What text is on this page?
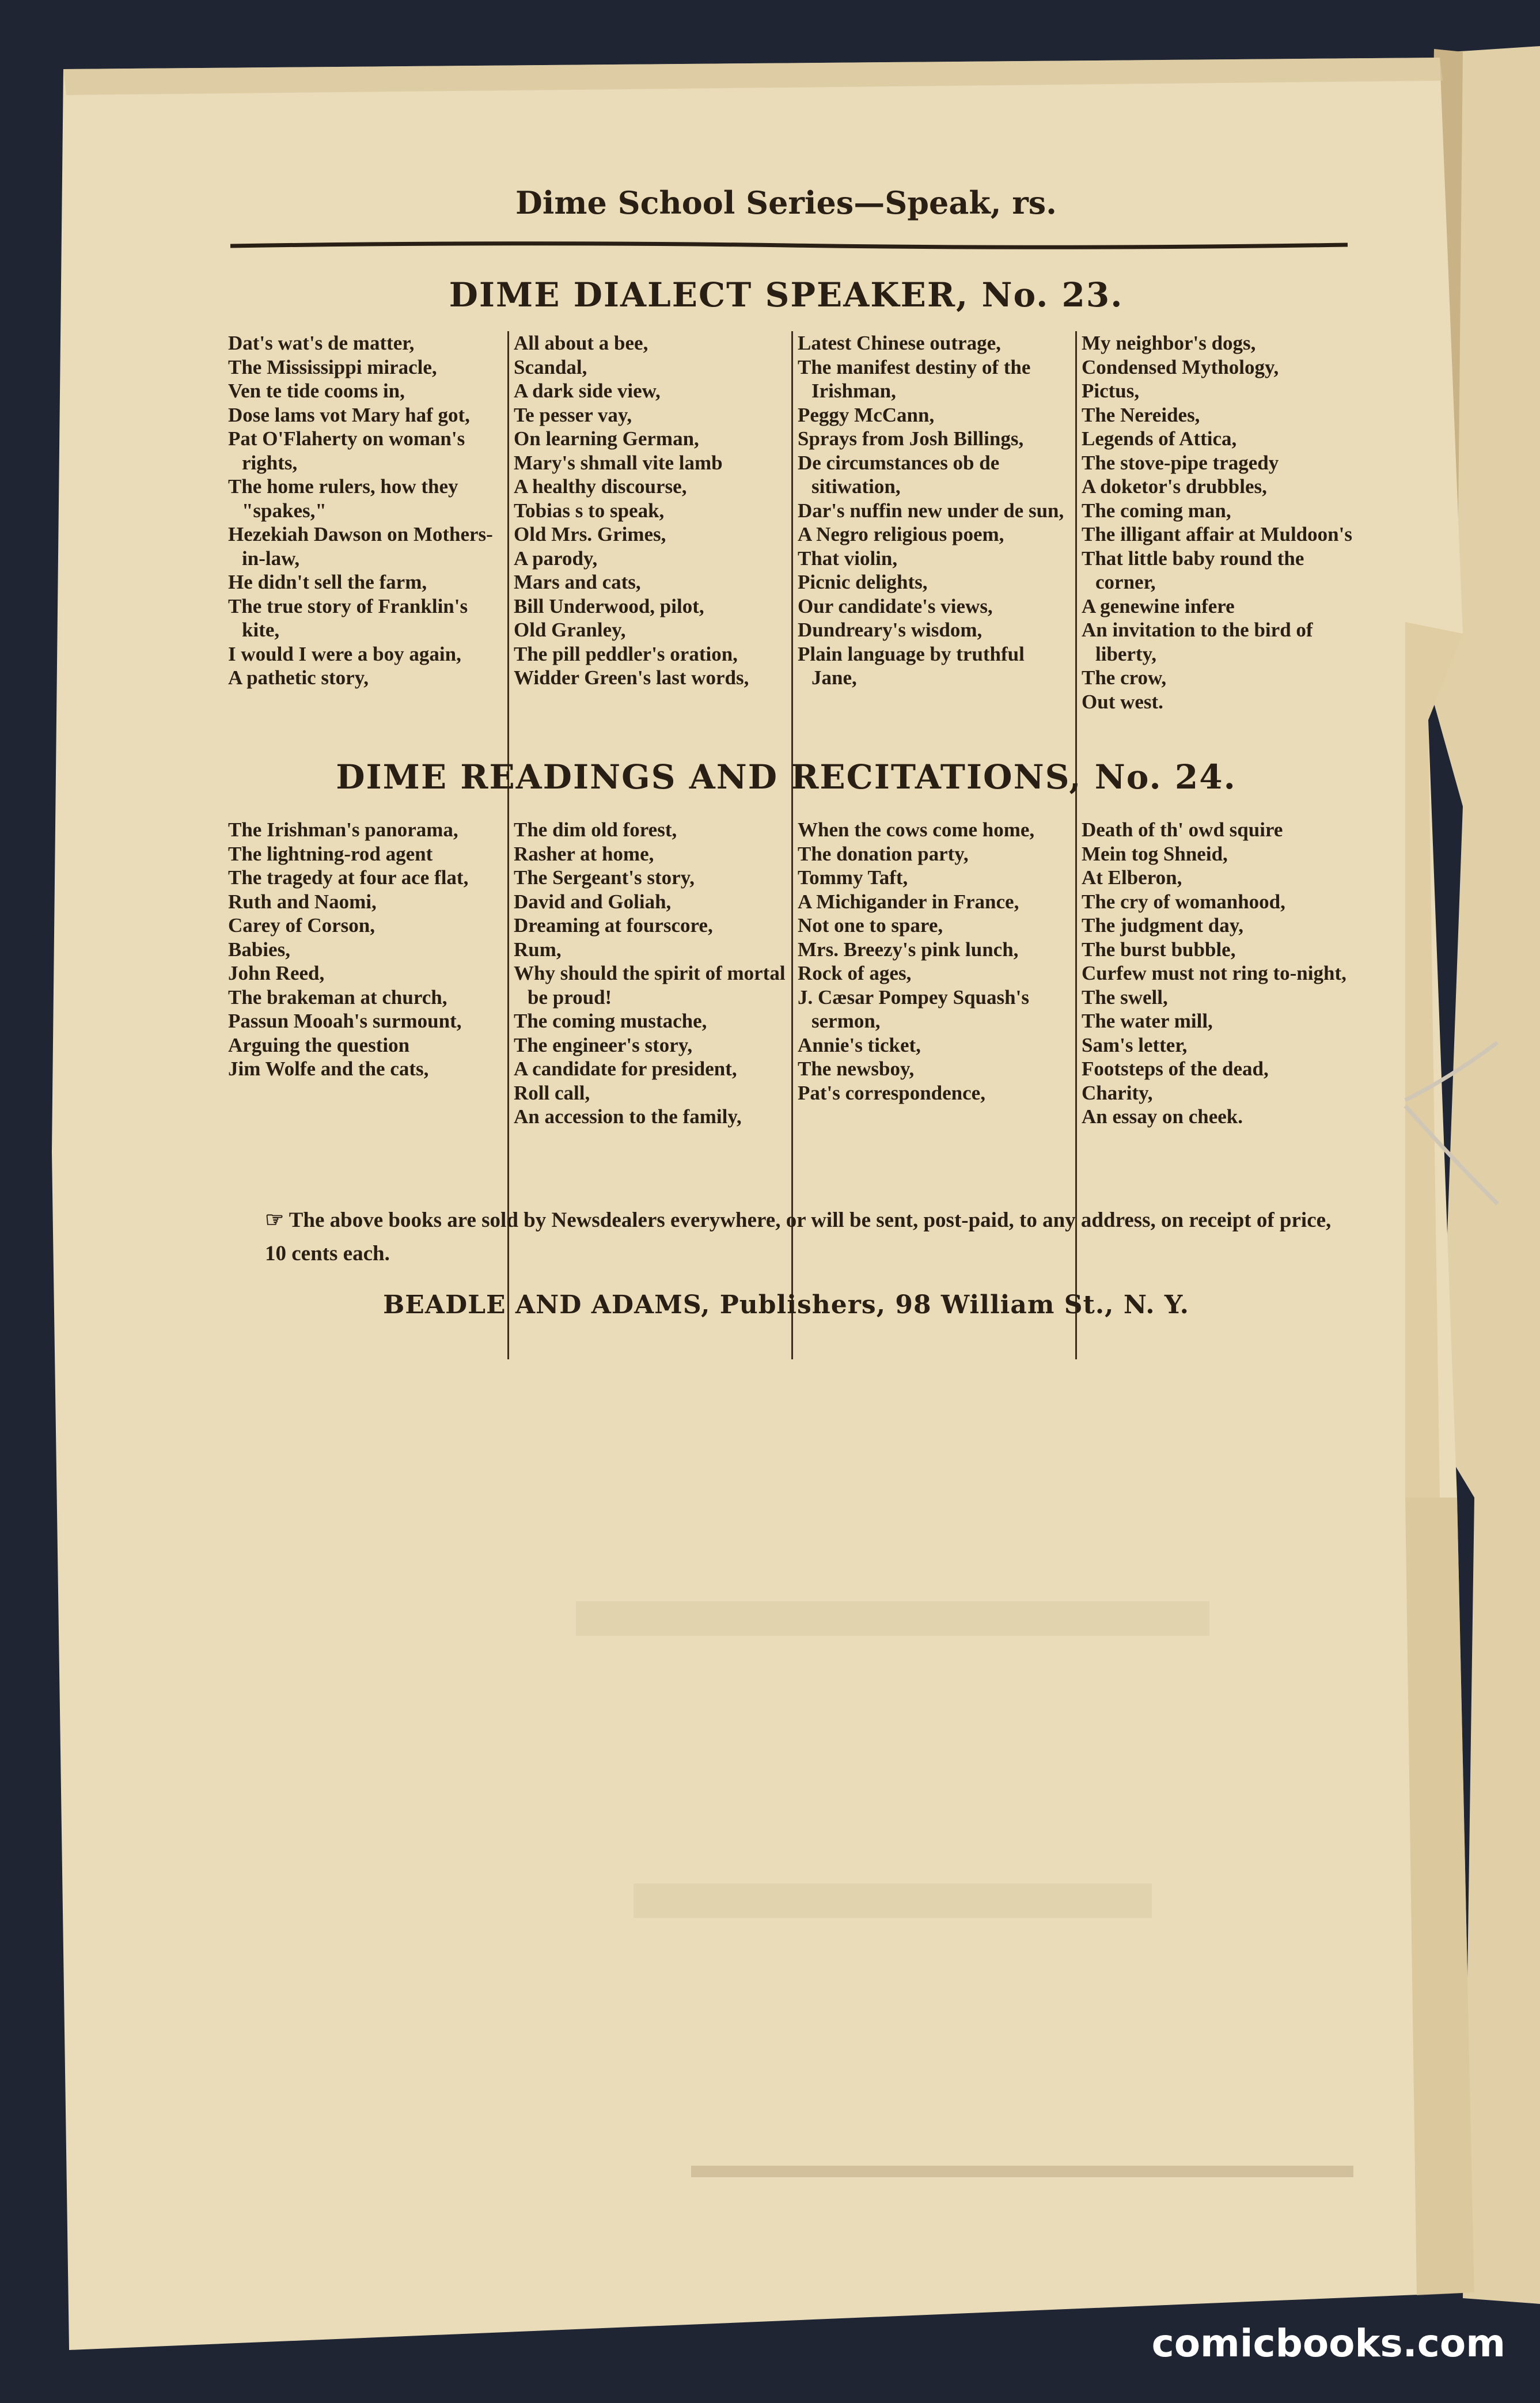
Dime School Series—Speak, rs.
DIME DIALECT SPEAKER, No. 23.
Dat's wat's de matter,
The Mississippi miracle,
Ven te tide cooms in,
Dose lams vot Mary haf got,
Pat O'Flaherty on woman's rights,
The home rulers, how they "spakes,"
Hezekiah Dawson on Mothers-in-law,
He didn't sell the farm,
The true story of Franklin's kite,
I would I were a boy again,
A pathetic story,
All about a bee,
Scandal,
A dark side view,
Te pesser vay,
On learning German,
Mary's shmall vite lamb
A healthy discourse,
Tobias s to speak,
Old Mrs. Grimes,
A parody,
Mars and cats,
Bill Underwood, pilot,
Old Granley,
The pill peddler's oration,
Widder Green's last words,
Latest Chinese outrage,
The manifest destiny of the Irishman,
Peggy McCann,
Sprays from Josh Billings,
De circumstances ob de sitiwation,
Dar's nuffin new under de sun,
A Negro religious poem,
That violin,
Picnic delights,
Our candidate's views,
Dundreary's wisdom,
Plain language by truthful Jane,
My neighbor's dogs,
Condensed Mythology,
Pictus,
The Nereides,
Legends of Attica,
The stove-pipe tragedy
A doketor's drubbles,
The coming man,
The illigant affair at Muldoon's
That little baby round the corner,
A genewine infere
An invitation to the bird of liberty,
The crow,
Out west.
DIME READINGS AND RECITATIONS, No. 24.
The Irishman's panorama,
The lightning-rod agent
The tragedy at four ace flat,
Ruth and Naomi,
Carey of Corson,
Babies,
John Reed,
The brakeman at church,
Passun Mooah's surmount,
Arguing the question
Jim Wolfe and the cats,
The dim old forest,
Rasher at home,
The Sergeant's story,
David and Goliah,
Dreaming at fourscore,
Rum,
Why should the spirit of mortal be proud!
The coming mustache,
The engineer's story,
A candidate for president,
Roll call,
An accession to the family,
When the cows come home,
The donation party,
Tommy Taft,
A Michigander in France,
Not one to spare,
Mrs. Breezy's pink lunch,
Rock of ages,
J. Cæsar Pompey Squash's sermon,
Annie's ticket,
The newsboy,
Pat's correspondence,
Death of th' owd squire
Mein tog Shneid,
At Elberon,
The cry of womanhood,
The judgment day,
The burst bubble,
Curfew must not ring to-night,
The swell,
The water mill,
Sam's letter,
Footsteps of the dead,
Charity,
An essay on cheek.
☞ The above books are sold by Newsdealers everywhere, or will be sent, post-paid, to any address, on receipt of price, 10 cents each.
BEADLE AND ADAMS, Publishers, 98 William St., N. Y.
comicbooks.com
